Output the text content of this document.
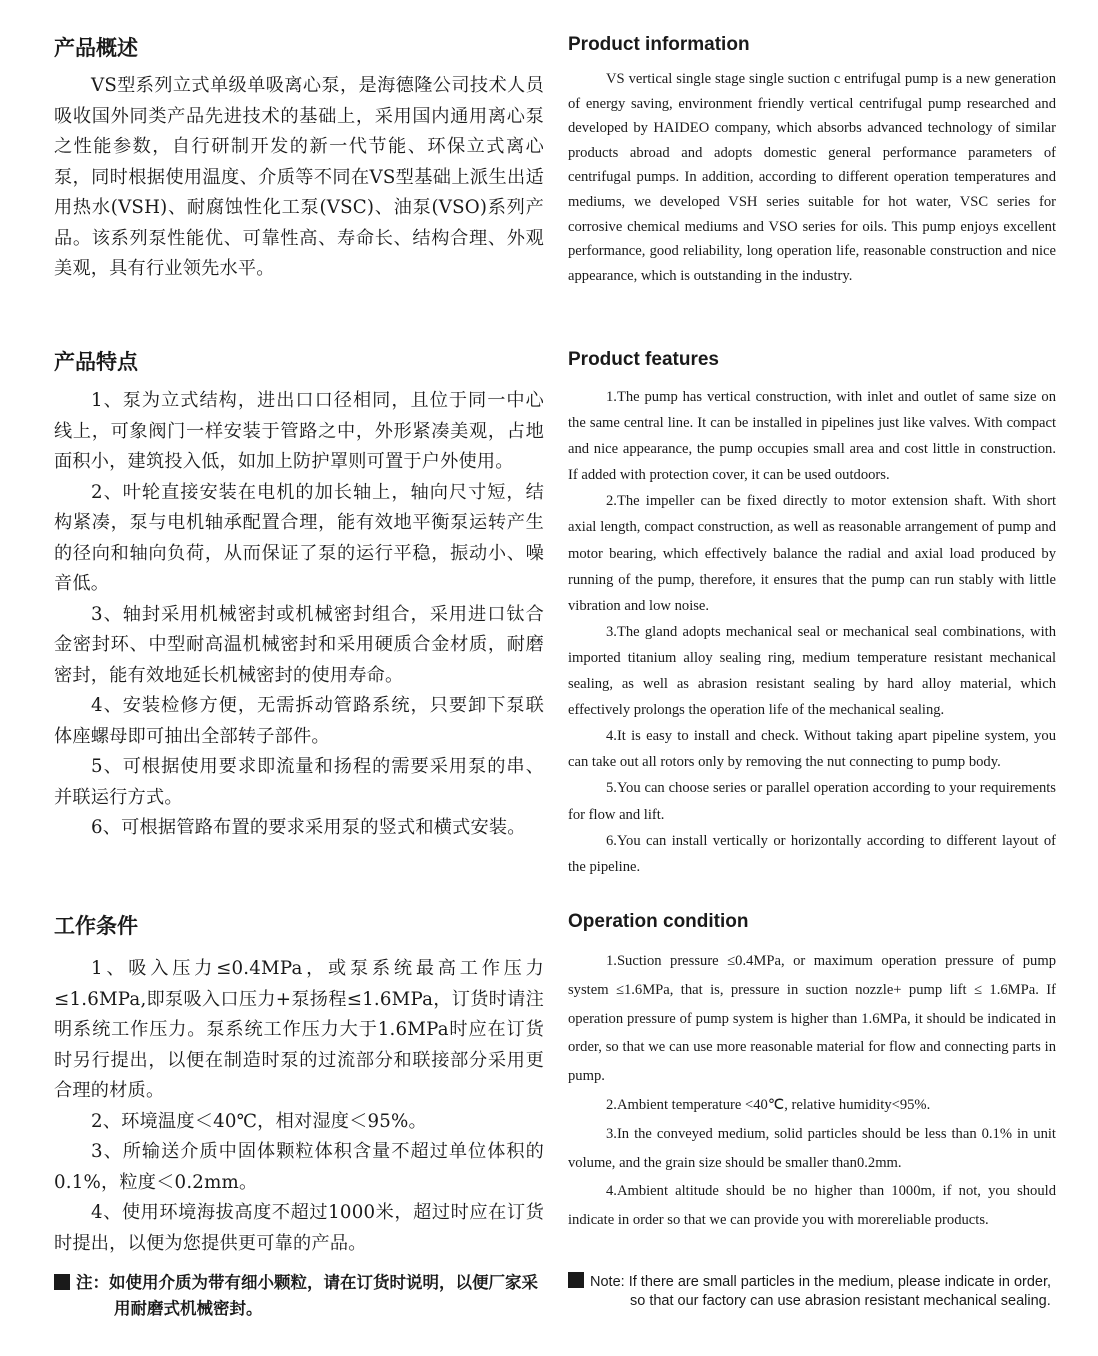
产品概述

VS型系列立式单级单吸离心泵，是海德隆公司技术人员吸收国外同类产品先进技术的基础上，采用国内通用离心泵之性能参数，自行研制开发的新一代节能、环保立式离心泵，同时根据使用温度、介质等不同在VS型基础上派生出适用热水(VSH)、耐腐蚀性化工泵(VSC)、油泵(VSO)系列产品。该系列泵性能优、可靠性高、寿命长、结构合理、外观美观，具有行业领先水平。

产品特点

1、泵为立式结构，进出口口径相同，且位于同一中心线上，可象阀门一样安装于管路之中，外形紧凑美观，占地面积小，建筑投入低，如加上防护罩则可置于户外使用。

2、叶轮直接安装在电机的加长轴上，轴向尺寸短，结构紧凑，泵与电机轴承配置合理，能有效地平衡泵运转产生的径向和轴向负荷，从而保证了泵的运行平稳，振动小、噪音低。

3、轴封采用机械密封或机械密封组合，采用进口钛合金密封环、中型耐高温机械密封和采用硬质合金材质，耐磨密封，能有效地延长机械密封的使用寿命。

4、安装检修方便，无需拆动管路系统，只要卸下泵联体座螺母即可抽出全部转子部件。

5、可根据使用要求即流量和扬程的需要采用泵的串、并联运行方式。

6、可根据管路布置的要求采用泵的竖式和横式安装。

工作条件

1、吸入压力≤0.4MPa，或泵系统最高工作压力≤1.6MPa,即泵吸入口压力+泵扬程≤1.6MPa，订货时请注明系统工作压力。泵系统工作压力大于1.6MPa时应在订货时另行提出，以便在制造时泵的过流部分和联接部分采用更合理的材质。

2、环境温度＜40℃，相对湿度＜95%。

3、所输送介质中固体颗粒体积含量不超过单位体积的0.1%，粒度＜0.2mm。

4、使用环境海拔高度不超过1000米，超过时应在订货时提出，以便为您提供更可靠的产品。

注：如使用介质为带有细小颗粒，请在订货时说明，以便厂家采用耐磨式机械密封。
Product information

VS vertical single stage single suction c entrifugal pump is a new generation of energy saving, environment friendly vertical centrifugal pump researched and developed by HAIDEO company, which absorbs advanced technology of similar products abroad and adopts domestic general performance parameters of centrifugal pumps. In addition, according to different operation temperatures and mediums, we developed VSH series suitable for hot water, VSC series for corrosive chemical mediums and VSO series for oils. This pump enjoys excellent performance, good reliability, long operation life, reasonable construction and nice appearance, which is outstanding in the industry.

Product features

1.The pump has vertical construction, with inlet and outlet of same size on the same central line. It can be installed in pipelines just like valves. With compact and nice appearance, the pump occupies small area and cost little in construction. If added with protection cover, it can be used outdoors.

2.The impeller can be fixed directly to motor extension shaft. With short axial length, compact construction, as well as reasonable arrangement of pump and motor bearing, which effectively balance the radial and axial load produced by running of the pump, therefore, it ensures that the pump can run stably with little vibration and low noise.

3.The gland adopts mechanical seal or mechanical seal combinations, with imported titanium alloy sealing ring, medium temperature resistant mechanical sealing, as well as abrasion resistant sealing by hard alloy material, which effectively prolongs the operation life of the mechanical sealing.

4.It is easy to install and check. Without taking apart pipeline system, you can take out all rotors only by removing the nut connecting to pump body.

5.You can choose series or parallel operation according to your requirements for flow and lift.

6.You can install vertically or horizontally according to different layout of the pipeline.

Operation condition

1.Suction pressure ≤0.4MPa, or maximum operation pressure of pump system ≤1.6MPa, that is, pressure in suction nozzle+ pump lift ≤ 1.6MPa. If operation pressure of pump system is higher than 1.6MPa, it should be indicated in order, so that we can use more reasonable material for flow and connecting parts in pump.

2.Ambient temperature <40℃, relative humidity<95%.

3.In the conveyed medium, solid particles should be less than 0.1% in unit volume, and the grain size should be smaller than0.2mm.

4.Ambient altitude should be no higher than 1000m, if not, you should indicate in order so that we can provide you with morereliable products.

Note: If there are small particles in the medium, please indicate in order, so that our factory can use abrasion resistant mechanical sealing.
